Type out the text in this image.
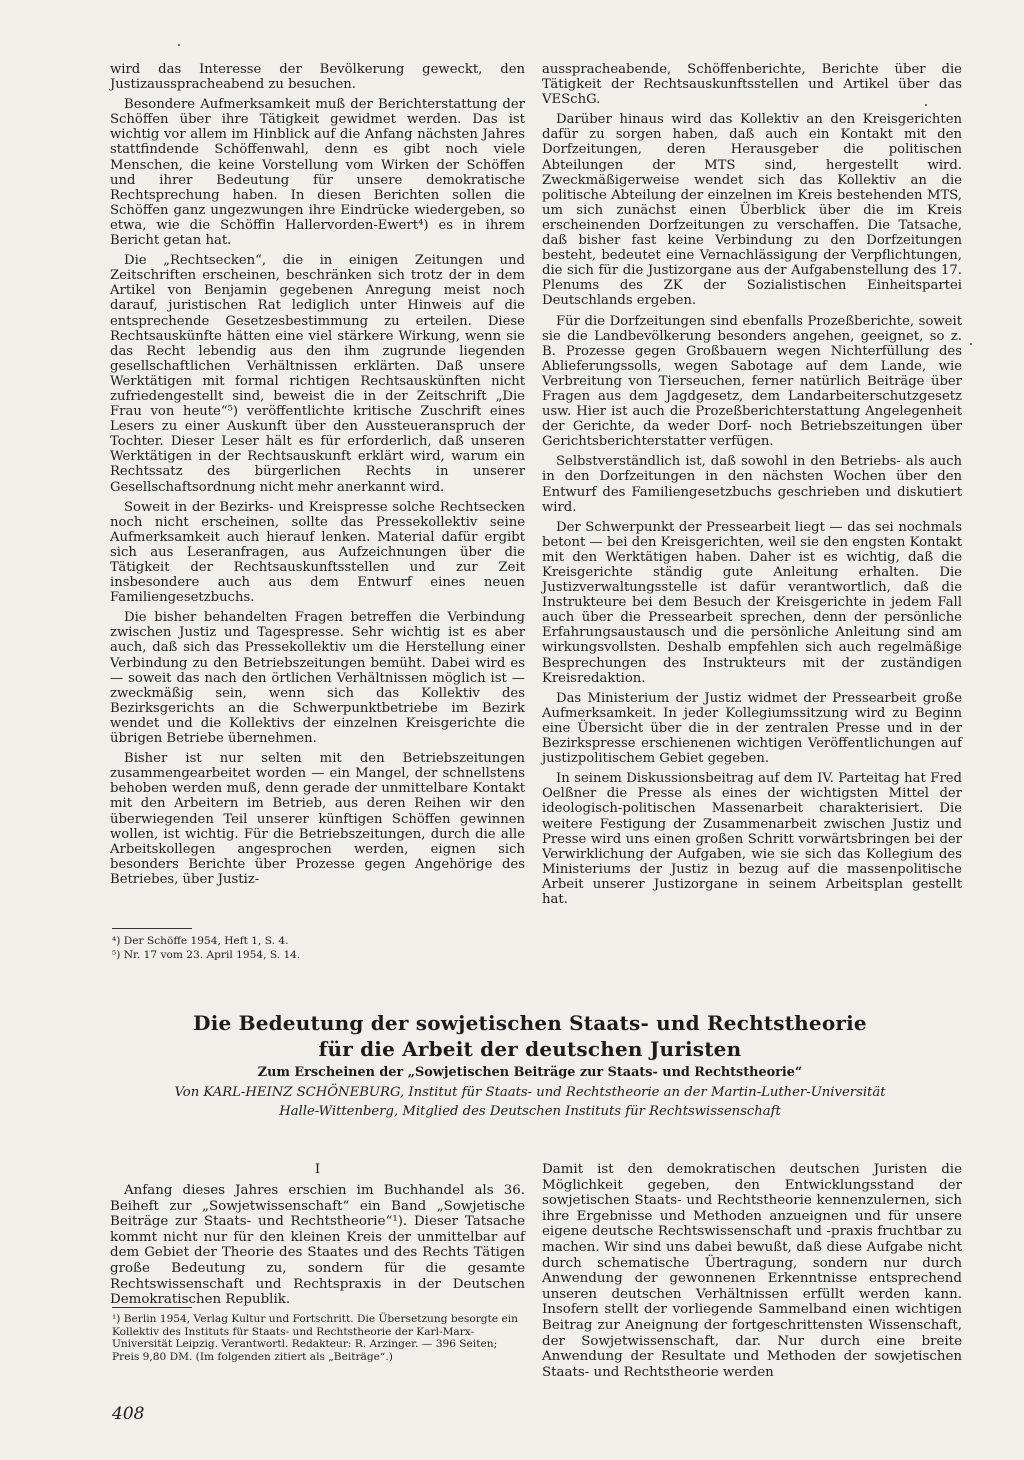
wird das Interesse der Bevölkerung geweckt, den Justizausspracheabend zu besuchen.

Besondere Aufmerksamkeit muß der Berichterstattung der Schöffen über ihre Tätigkeit gewidmet werden. Das ist wichtig vor allem im Hinblick auf die Anfang nächsten Jahres stattfindende Schöffenwahl, denn es gibt noch viele Menschen, die keine Vorstellung vom Wirken der Schöffen und ihrer Bedeutung für unsere demokratische Rechtsprechung haben. In diesen Berichten sollen die Schöffen ganz ungezwungen ihre Eindrücke wiedergeben, so etwa, wie die Schöffin Hallervorden-Ewert⁴) es in ihrem Bericht getan hat.

Die „Rechtsecken“, die in einigen Zeitungen und Zeitschriften erscheinen, beschränken sich trotz der in dem Artikel von Benjamin gegebenen Anregung meist noch darauf, juristischen Rat lediglich unter Hinweis auf die entsprechende Gesetzesbestimmung zu erteilen. Diese Rechtsauskünfte hätten eine viel stärkere Wirkung, wenn sie das Recht lebendig aus den ihm zugrunde liegenden gesellschaftlichen Verhältnissen erklärten. Daß unsere Werktätigen mit formal richtigen Rechtsauskünften nicht zufriedengestellt sind, beweist die in der Zeitschrift „Die Frau von heute“⁵) veröffentlichte kritische Zuschrift eines Lesers zu einer Auskunft über den Aussteueranspruch der Tochter. Dieser Leser hält es für erforderlich, daß unseren Werktätigen in der Rechtsauskunft erklärt wird, warum ein Rechtssatz des bürgerlichen Rechts in unserer Gesellschaftsordnung nicht mehr anerkannt wird.

Soweit in der Bezirks- und Kreispresse solche Rechtsecken noch nicht erscheinen, sollte das Pressekollektiv seine Aufmerksamkeit auch hierauf lenken. Material dafür ergibt sich aus Leseranfragen, aus Aufzeichnungen über die Tätigkeit der Rechtsauskunftsstellen und zur Zeit insbesondere auch aus dem Entwurf eines neuen Familiengesetzbuchs.

Die bisher behandelten Fragen betreffen die Verbindung zwischen Justiz und Tagespresse. Sehr wichtig ist es aber auch, daß sich das Pressekollektiv um die Herstellung einer Verbindung zu den Betriebszeitungen bemüht. Dabei wird es — soweit das nach den örtlichen Verhältnissen möglich ist — zweckmäßig sein, wenn sich das Kollektiv des Bezirksgerichts an die Schwerpunktbetriebe im Bezirk wendet und die Kollektivs der einzelnen Kreisgerichte die übrigen Betriebe übernehmen.

Bisher ist nur selten mit den Betriebszeitungen zusammengearbeitet worden — ein Mangel, der schnellstens behoben werden muß, denn gerade der unmittelbare Kontakt mit den Arbeitern im Betrieb, aus deren Reihen wir den überwiegenden Teil unserer künftigen Schöffen gewinnen wollen, ist wichtig. Für die Betriebszeitungen, durch die alle Arbeitskollegen angesprochen werden, eignen sich besonders Berichte über Prozesse gegen Angehörige des Betriebes, über Justiz-

⁴) Der Schöffe 1954, Heft 1, S. 4.

⁵) Nr. 17 vom 23. April 1954, S. 14.

ausspracheabende, Schöffenberichte, Berichte über die Tätigkeit der Rechtsauskunftsstellen und Artikel über das VESchG.

Darüber hinaus wird das Kollektiv an den Kreisgerichten dafür zu sorgen haben, daß auch ein Kontakt mit den Dorfzeitungen, deren Herausgeber die politischen Abteilungen der MTS sind, hergestellt wird. Zweckmäßigerweise wendet sich das Kollektiv an die politische Abteilung der einzelnen im Kreis bestehenden MTS, um sich zunächst einen Überblick über die im Kreis erscheinenden Dorfzeitungen zu verschaffen. Die Tatsache, daß bisher fast keine Verbindung zu den Dorfzeitungen besteht, bedeutet eine Vernachlässigung der Verpflichtungen, die sich für die Justizorgane aus der Aufgabenstellung des 17. Plenums des ZK der Sozialistischen Einheitspartei Deutschlands ergeben.

Für die Dorfzeitungen sind ebenfalls Prozeßberichte, soweit sie die Landbevölkerung besonders angehen, geeignet, so z. B. Prozesse gegen Großbauern wegen Nichterfüllung des Ablieferungssolls, wegen Sabotage auf dem Lande, wie Verbreitung von Tierseuchen, ferner natürlich Beiträge über Fragen aus dem Jagdgesetz, dem Landarbeiterschutzgesetz usw. Hier ist auch die Prozeßberichterstattung Angelegenheit der Gerichte, da weder Dorf- noch Betriebszeitungen über Gerichtsberichterstatter verfügen.

Selbstverständlich ist, daß sowohl in den Betriebs- als auch in den Dorfzeitungen in den nächsten Wochen über den Entwurf des Familiengesetzbuchs geschrieben und diskutiert wird.

Der Schwerpunkt der Pressearbeit liegt — das sei nochmals betont — bei den Kreisgerichten, weil sie den engsten Kontakt mit den Werktätigen haben. Daher ist es wichtig, daß die Kreisgerichte ständig gute Anleitung erhalten. Die Justizverwaltungsstelle ist dafür verantwortlich, daß die Instrukteure bei dem Besuch der Kreisgerichte in jedem Fall auch über die Pressearbeit sprechen, denn der persönliche Erfahrungsaustausch und die persönliche Anleitung sind am wirkungsvollsten. Deshalb empfehlen sich auch regelmäßige Besprechungen des Instrukteurs mit der zuständigen Kreisredaktion.

Das Ministerium der Justiz widmet der Pressearbeit große Aufmerksamkeit. In jeder Kollegiumssitzung wird zu Beginn eine Übersicht über die in der zentralen Presse und in der Bezirkspresse erschienenen wichtigen Veröffentlichungen auf justizpolitischem Gebiet gegeben.

In seinem Diskussionsbeitrag auf dem IV. Parteitag hat Fred Oelßner die Presse als eines der wichtigsten Mittel der ideologisch-politischen Massenarbeit charakterisiert. Die weitere Festigung der Zusammenarbeit zwischen Justiz und Presse wird uns einen großen Schritt vorwärtsbringen bei der Verwirklichung der Aufgaben, wie sie sich das Kollegium des Ministeriums der Justiz in bezug auf die massenpolitische Arbeit unserer Justizorgane in seinem Arbeitsplan gestellt hat.

Die Bedeutung der sowjetischen Staats- und Rechtstheorie
für die Arbeit der deutschen Juristen
Zum Erscheinen der „Sowjetischen Beiträge zur Staats- und Rechtstheorie“
Von KARL-HEINZ SCHÖNEBURG, Institut für Staats- und Rechtstheorie an der Martin-Luther-Universität
Halle-Wittenberg, Mitglied des Deutschen Instituts für Rechtswissenschaft

I

Anfang dieses Jahres erschien im Buchhandel als 36. Beiheft zur „Sowjetwissenschaft“ ein Band „Sowjetische Beiträge zur Staats- und Rechtstheorie“¹). Dieser Tatsache kommt nicht nur für den kleinen Kreis der unmittelbar auf dem Gebiet der Theorie des Staates und des Rechts Tätigen große Bedeutung zu, sondern für die gesamte Rechtswissenschaft und Rechtspraxis in der Deutschen Demokratischen Republik.

¹) Berlin 1954, Verlag Kultur und Fortschritt. Die Übersetzung besorgte ein Kollektiv des Instituts für Staats- und Rechtstheorie der Karl-Marx-Universität Leipzig. Verantwortl. Redakteur: R. Arzinger. — 396 Seiten; Preis 9,80 DM. (Im folgenden zitiert als „Beiträge“.)

Damit ist den demokratischen deutschen Juristen die Möglichkeit gegeben, den Entwicklungsstand der sowjetischen Staats- und Rechtstheorie kennenzulernen, sich ihre Ergebnisse und Methoden anzueignen und für unsere eigene deutsche Rechtswissenschaft und -praxis fruchtbar zu machen. Wir sind uns dabei bewußt, daß diese Aufgabe nicht durch schematische Übertragung, sondern nur durch Anwendung der gewonnenen Erkenntnisse entsprechend unseren deutschen Verhältnissen erfüllt werden kann. Insofern stellt der vorliegende Sammelband einen wichtigen Beitrag zur Aneignung der fortgeschrittensten Wissenschaft, der Sowjetwissenschaft, dar. Nur durch eine breite Anwendung der Resultate und Methoden der sowjetischen Staats- und Rechtstheorie werden

408
